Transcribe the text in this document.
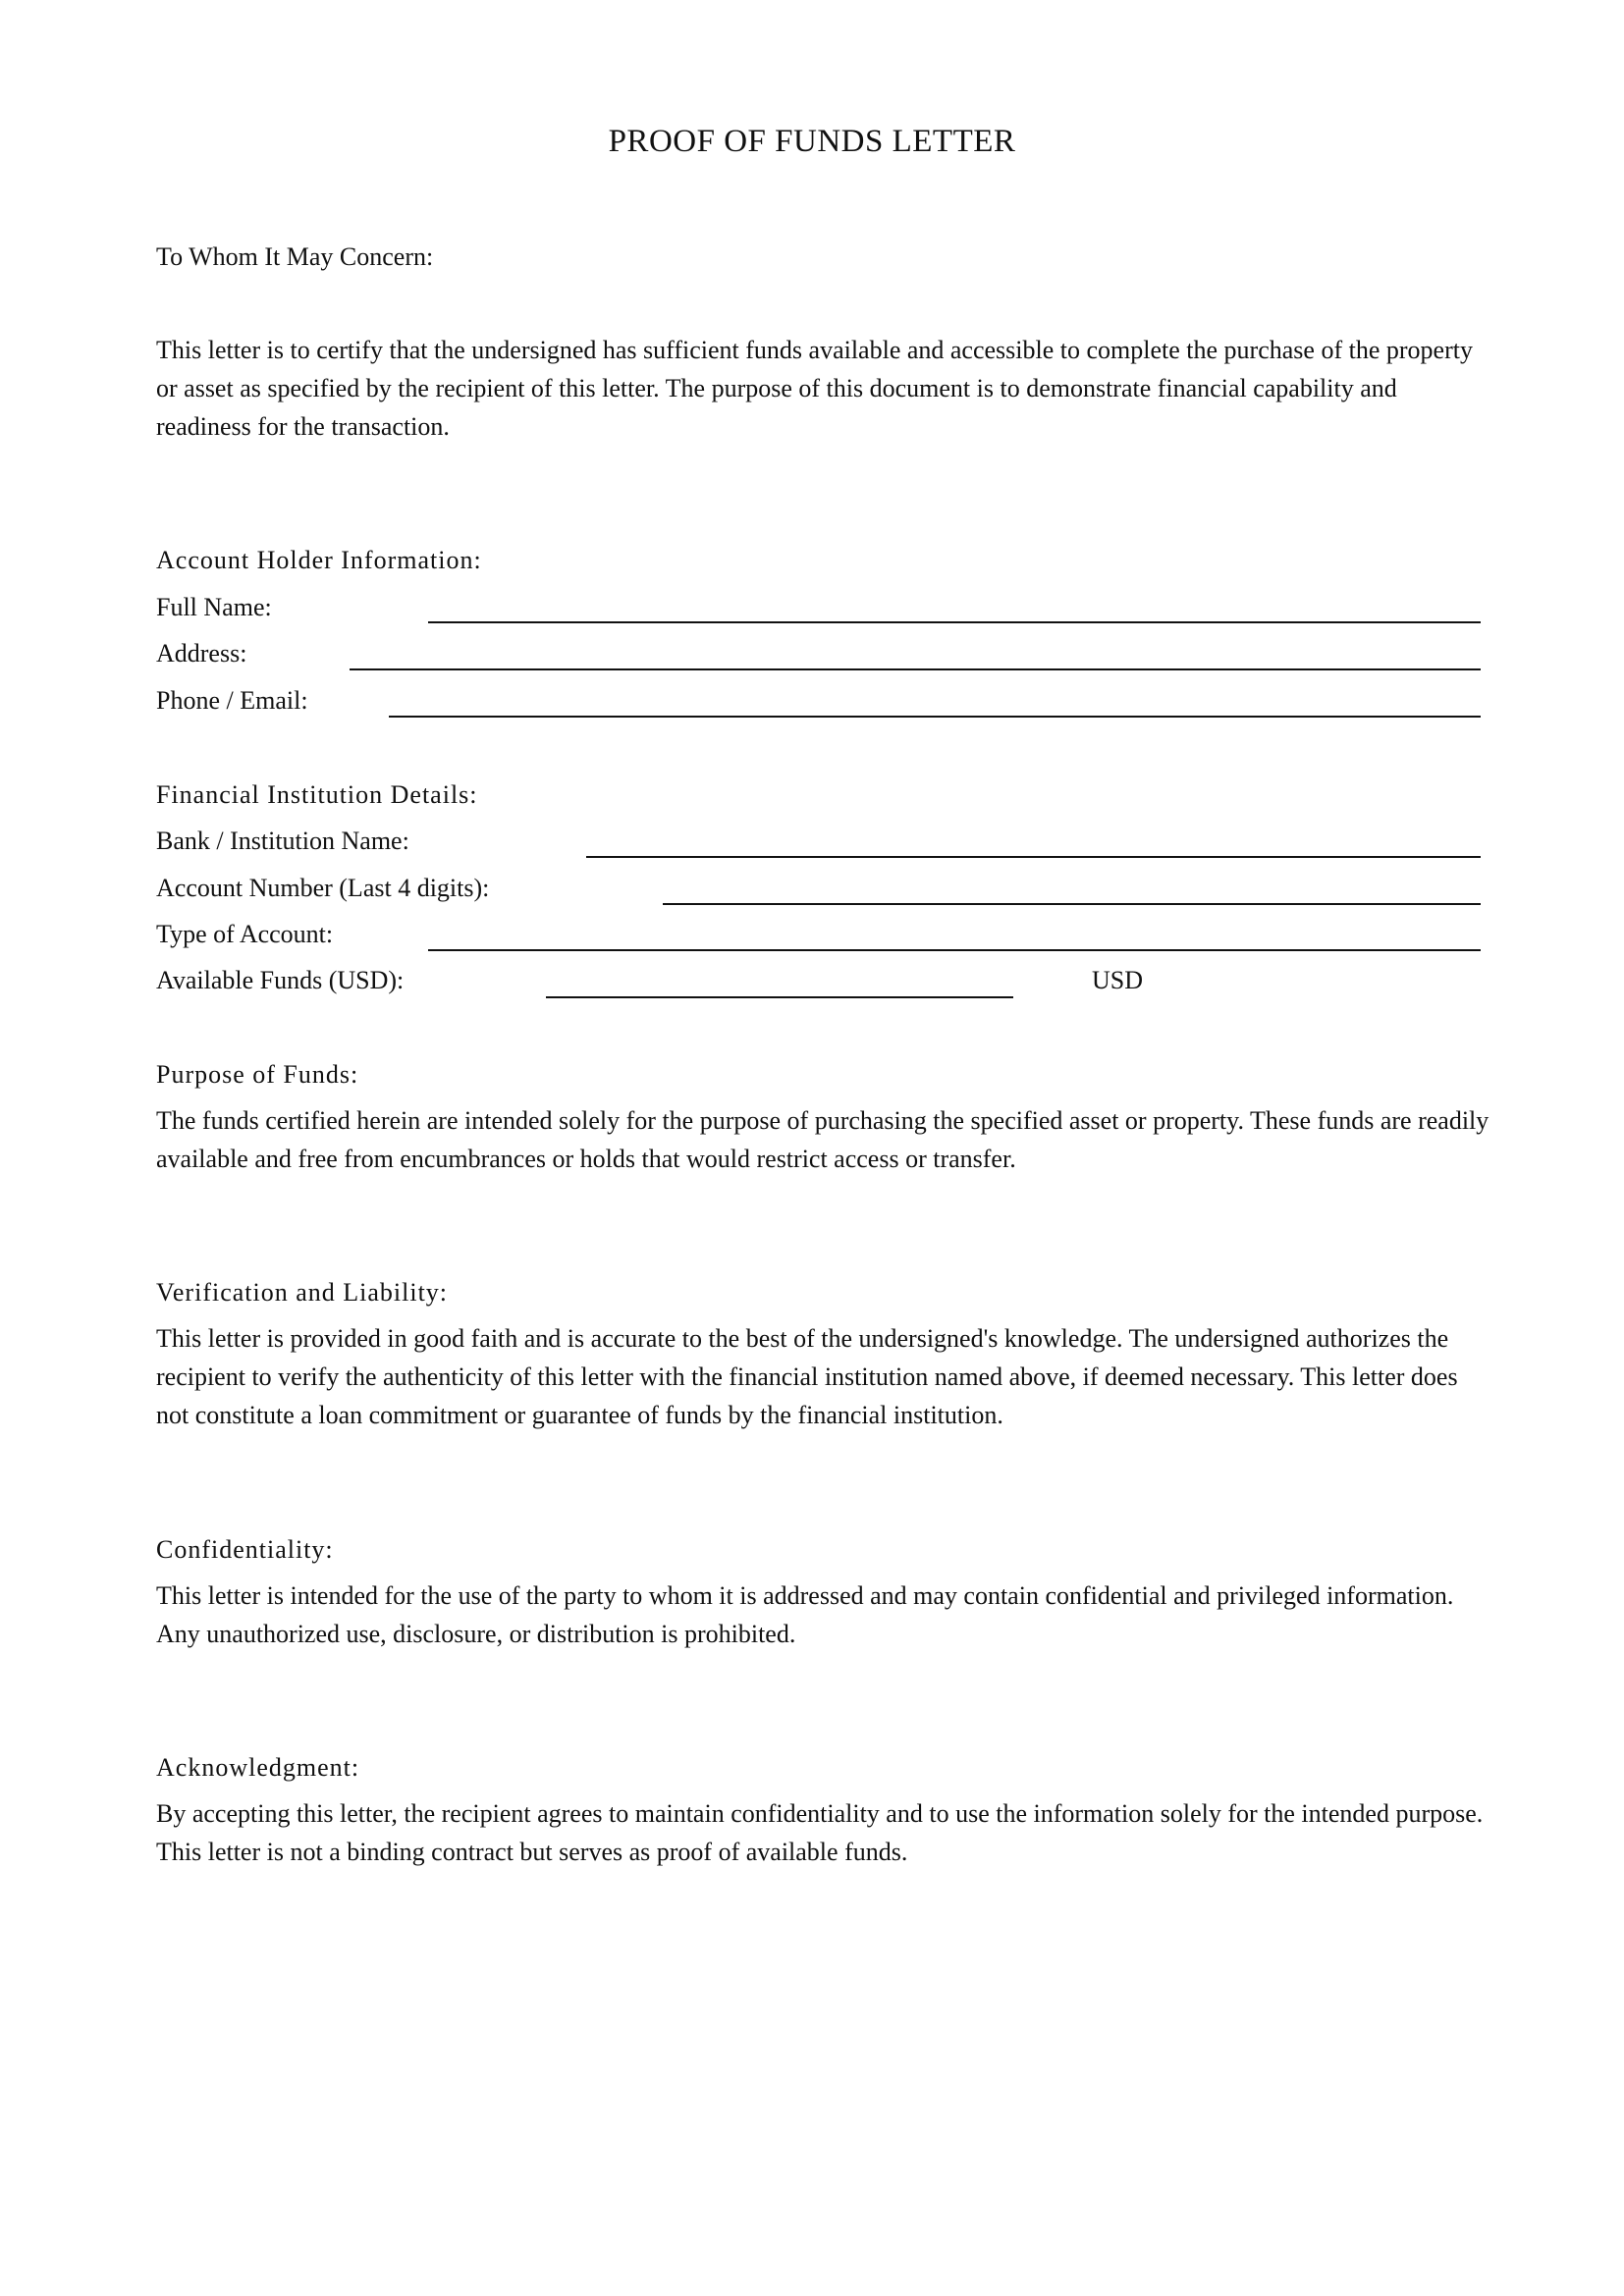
PROOF OF FUNDS LETTER

To Whom It May Concern:

This letter is to certify that the undersigned has sufficient funds available and accessible to complete the purchase of the property or asset as specified by the recipient of this letter. The purpose of this document is to demonstrate financial capability and readiness for the transaction.

Account Holder Information:

Full Name:
Address:
Phone / Email:

Financial Institution Details:

Bank / Institution Name:
Account Number (Last 4 digits):
Type of Account:
Available Funds (USD):	USD

Purpose of Funds:

The funds certified herein are intended solely for the purpose of purchasing the specified asset or property. These funds are readily available and free from encumbrances or holds that would restrict access or transfer.

Verification and Liability:

This letter is provided in good faith and is accurate to the best of the undersigned's knowledge. The undersigned authorizes the recipient to verify the authenticity of this letter with the financial institution named above, if deemed necessary. This letter does not constitute a loan commitment or guarantee of funds by the financial institution.

Confidentiality:

This letter is intended for the use of the party to whom it is addressed and may contain confidential and privileged information. Any unauthorized use, disclosure, or distribution is prohibited.

Acknowledgment:

By accepting this letter, the recipient agrees to maintain confidentiality and to use the information solely for the intended purpose. This letter is not a binding contract but serves as proof of available funds.
